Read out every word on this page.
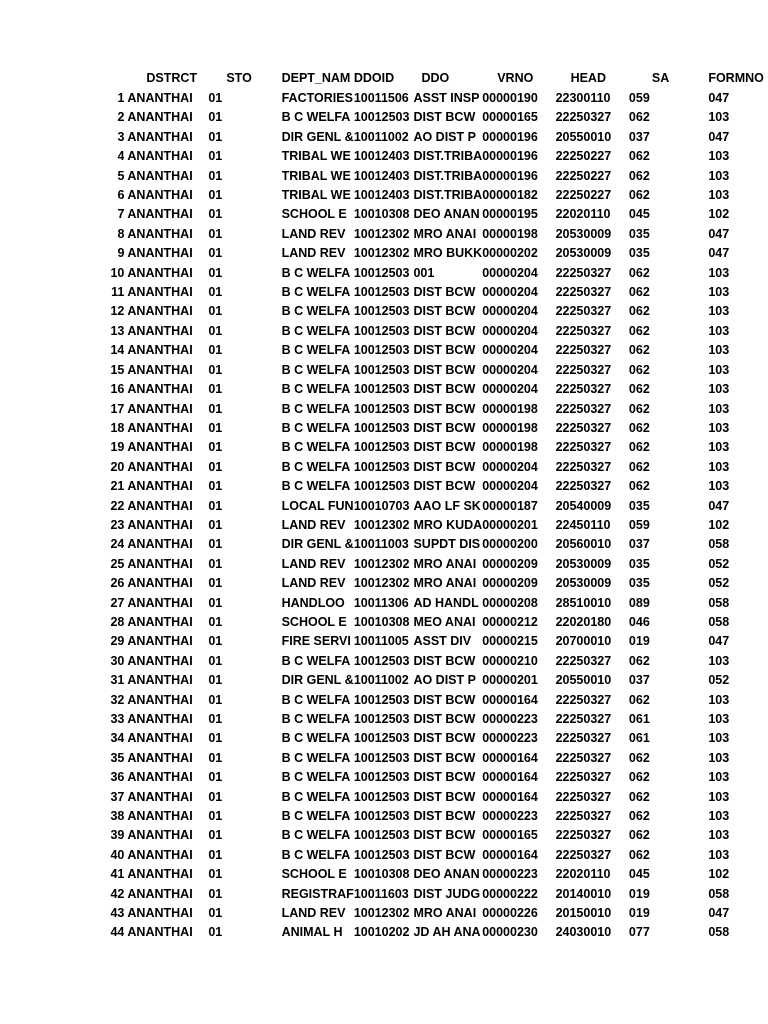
	DSTRCT	STO	DEPT_NAM	DDOID	DDO	VRNO	HEAD	SA	FORMNO
1	ANANTHAI	01	FACTORIES	10011506	ASST INSP	00000190	22300110	059	047
2	ANANTHAI	01	B C WELFA	10012503	DIST BCW	00000165	22250327	062	103
3	ANANTHAI	01	DIR GENL &	10011002	AO DIST P	00000196	20550010	037	047
4	ANANTHAI	01	TRIBAL WE	10012403	DIST.TRIBA	00000196	22250227	062	103
5	ANANTHAI	01	TRIBAL WE	10012403	DIST.TRIBA	00000196	22250227	062	103
6	ANANTHAI	01	TRIBAL WE	10012403	DIST.TRIBA	00000182	22250227	062	103
7	ANANTHAI	01	SCHOOL E	10010308	DEO ANAN	00000195	22020110	045	102
8	ANANTHAI	01	LAND REV	10012302	MRO ANAI	00000198	20530009	035	047
9	ANANTHAI	01	LAND REV	10012302	MRO BUKK	00000202	20530009	035	047
10	ANANTHAI	01	B C WELFA	10012503	001	00000204	22250327	062	103
11	ANANTHAI	01	B C WELFA	10012503	DIST BCW	00000204	22250327	062	103
12	ANANTHAI	01	B C WELFA	10012503	DIST BCW	00000204	22250327	062	103
13	ANANTHAI	01	B C WELFA	10012503	DIST BCW	00000204	22250327	062	103
14	ANANTHAI	01	B C WELFA	10012503	DIST BCW	00000204	22250327	062	103
15	ANANTHAI	01	B C WELFA	10012503	DIST BCW	00000204	22250327	062	103
16	ANANTHAI	01	B C WELFA	10012503	DIST BCW	00000204	22250327	062	103
17	ANANTHAI	01	B C WELFA	10012503	DIST BCW	00000198	22250327	062	103
18	ANANTHAI	01	B C WELFA	10012503	DIST BCW	00000198	22250327	062	103
19	ANANTHAI	01	B C WELFA	10012503	DIST BCW	00000198	22250327	062	103
20	ANANTHAI	01	B C WELFA	10012503	DIST BCW	00000204	22250327	062	103
21	ANANTHAI	01	B C WELFA	10012503	DIST BCW	00000204	22250327	062	103
22	ANANTHAI	01	LOCAL FUN	10010703	AAO LF SK	00000187	20540009	035	047
23	ANANTHAI	01	LAND REV	10012302	MRO KUDA	00000201	22450110	059	102
24	ANANTHAI	01	DIR GENL &	10011003	SUPDT DIS	00000200	20560010	037	058
25	ANANTHAI	01	LAND REV	10012302	MRO ANAI	00000209	20530009	035	052
26	ANANTHAI	01	LAND REV	10012302	MRO ANAI	00000209	20530009	035	052
27	ANANTHAI	01	HANDLOO	10011306	AD HANDL	00000208	28510010	089	058
28	ANANTHAI	01	SCHOOL E	10010308	MEO ANAI	00000212	22020180	046	058
29	ANANTHAI	01	FIRE SERVI	10011005	ASST DIV	00000215	20700010	019	047
30	ANANTHAI	01	B C WELFA	10012503	DIST BCW	00000210	22250327	062	103
31	ANANTHAI	01	DIR GENL &	10011002	AO DIST P	00000201	20550010	037	052
32	ANANTHAI	01	B C WELFA	10012503	DIST BCW	00000164	22250327	062	103
33	ANANTHAI	01	B C WELFA	10012503	DIST BCW	00000223	22250327	061	103
34	ANANTHAI	01	B C WELFA	10012503	DIST BCW	00000223	22250327	061	103
35	ANANTHAI	01	B C WELFA	10012503	DIST BCW	00000164	22250327	062	103
36	ANANTHAI	01	B C WELFA	10012503	DIST BCW	00000164	22250327	062	103
37	ANANTHAI	01	B C WELFA	10012503	DIST BCW	00000164	22250327	062	103
38	ANANTHAI	01	B C WELFA	10012503	DIST BCW	00000223	22250327	062	103
39	ANANTHAI	01	B C WELFA	10012503	DIST BCW	00000165	22250327	062	103
40	ANANTHAI	01	B C WELFA	10012503	DIST BCW	00000164	22250327	062	103
41	ANANTHAI	01	SCHOOL E	10010308	DEO ANAN	00000223	22020110	045	102
42	ANANTHAI	01	REGISTRAF	10011603	DIST JUDG	00000222	20140010	019	058
43	ANANTHAI	01	LAND REV	10012302	MRO ANAI	00000226	20150010	019	047
44	ANANTHAI	01	ANIMAL H	10010202	JD AH ANA	00000230	24030010	077	058
